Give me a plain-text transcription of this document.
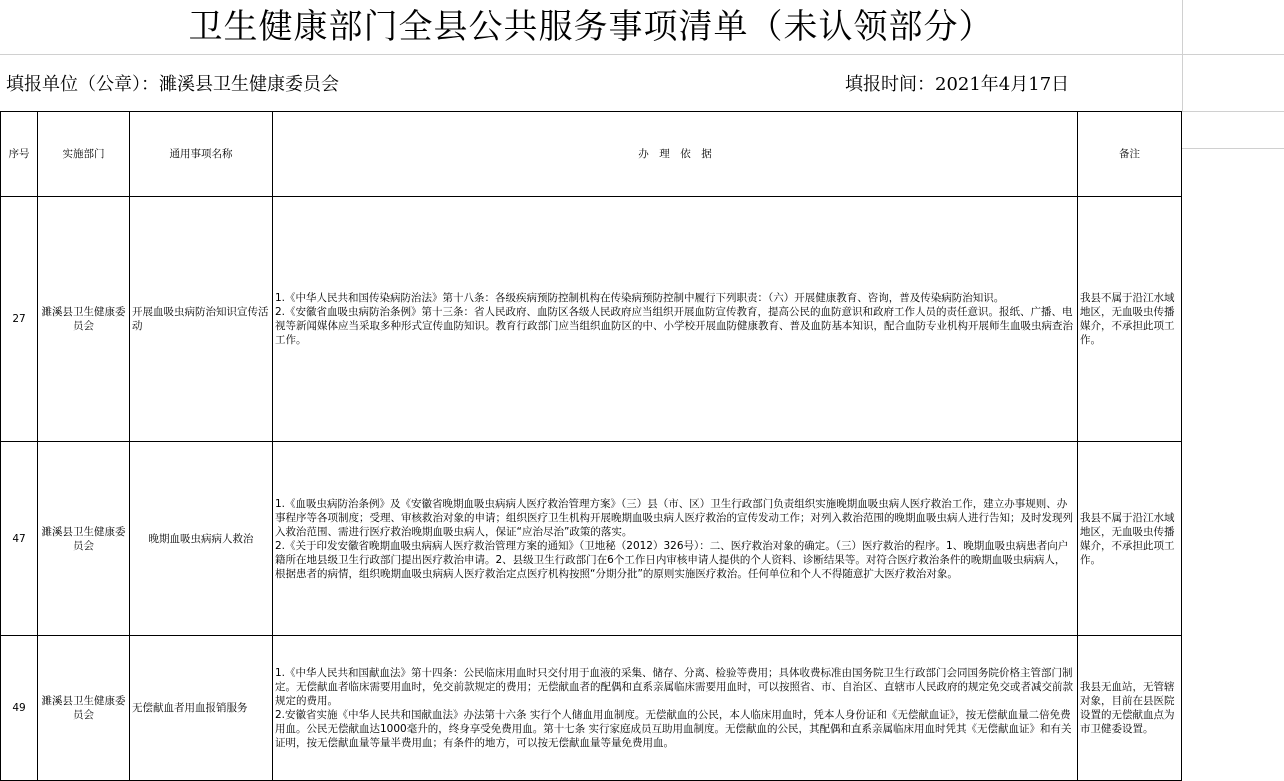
卫生健康部门全县公共服务事项清单（未认领部分）
填报单位（公章）：濉溪县卫生健康委员会	填报时间：2021年4月17日
序号	实施部门	通用事项名称	办　理　依　据	备注
27	濉溪县卫生健康委员会	开展血吸虫病防治知识宣传活动	1.《中华人民共和国传染病防治法》第十八条：各级疾病预防控制机构在传染病预防控制中履行下列职责：（六）开展健康教育、咨询，普及传染病防治知识。
2.《安徽省血吸虫病防治条例》第十三条：省人民政府、血防区各级人民政府应当组织开展血防宣传教育，提高公民的血防意识和政府工作人员的责任意识。报纸、广播、电视等新闻媒体应当采取多种形式宣传血防知识。教育行政部门应当组织血防区的中、小学校开展血防健康教育、普及血防基本知识，配合血防专业机构开展师生血吸虫病查治工作。	我县不属于沿江水域地区，无血吸虫传播媒介，不承担此项工作。
47	濉溪县卫生健康委员会	晚期血吸虫病病人救治	1.《血吸虫病防治条例》及《安徽省晚期血吸虫病病人医疗救治管理方案》（三）县（市、区）卫生行政部门负责组织实施晚期血吸虫病人医疗救治工作，建立办事规则、办事程序等各项制度；受理、审核救治对象的申请；组织医疗卫生机构开展晚期血吸虫病人医疗救治的宣传发动工作；对列入救治范围的晚期血吸虫病人进行告知；及时发现列入救治范围、需进行医疗救治晚期血吸虫病人，保证“应治尽治”政策的落实。
2.《关于印发安徽省晚期血吸虫病病人医疗救治管理方案的通知》（卫地秘（2012）326号）：二、医疗救治对象的确定。（三）医疗救治的程序。1、晚期血吸虫病患者向户籍所在地县级卫生行政部门提出医疗救治申请。2、县级卫生行政部门在6个工作日内审核申请人提供的个人资料、诊断结果等。对符合医疗救治条件的晚期血吸虫病病人，根据患者的病情，组织晚期血吸虫病病人医疗救治定点医疗机构按照“分期分批”的原则实施医疗救治。任何单位和个人不得随意扩大医疗救治对象。	我县不属于沿江水域地区，无血吸虫传播媒介，不承担此项工作。
49	濉溪县卫生健康委员会	无偿献血者用血报销服务	1.《中华人民共和国献血法》第十四条：公民临床用血时只交付用于血液的采集、储存、分离、检验等费用；具体收费标准由国务院卫生行政部门会同国务院价格主管部门制定。无偿献血者临床需要用血时，免交前款规定的费用；无偿献血者的配偶和直系亲属临床需要用血时，可以按照省、市、自治区、直辖市人民政府的规定免交或者减交前款规定的费用。
2.安徽省实施《中华人民共和国献血法》办法第十六条 实行个人储血用血制度。无偿献血的公民，本人临床用血时，凭本人身份证和《无偿献血证》，按无偿献血量二倍免费用血。公民无偿献血达1000毫升的，终身享受免费用血。第十七条 实行家庭成员互助用血制度。无偿献血的公民，其配偶和直系亲属临床用血时凭其《无偿献血证》和有关证明，按无偿献血量等量半费用血；有条件的地方，可以按无偿献血量等量免费用血。	我县无血站，无管辖对象，目前在县医院设置的无偿献血点为市卫健委设置。
